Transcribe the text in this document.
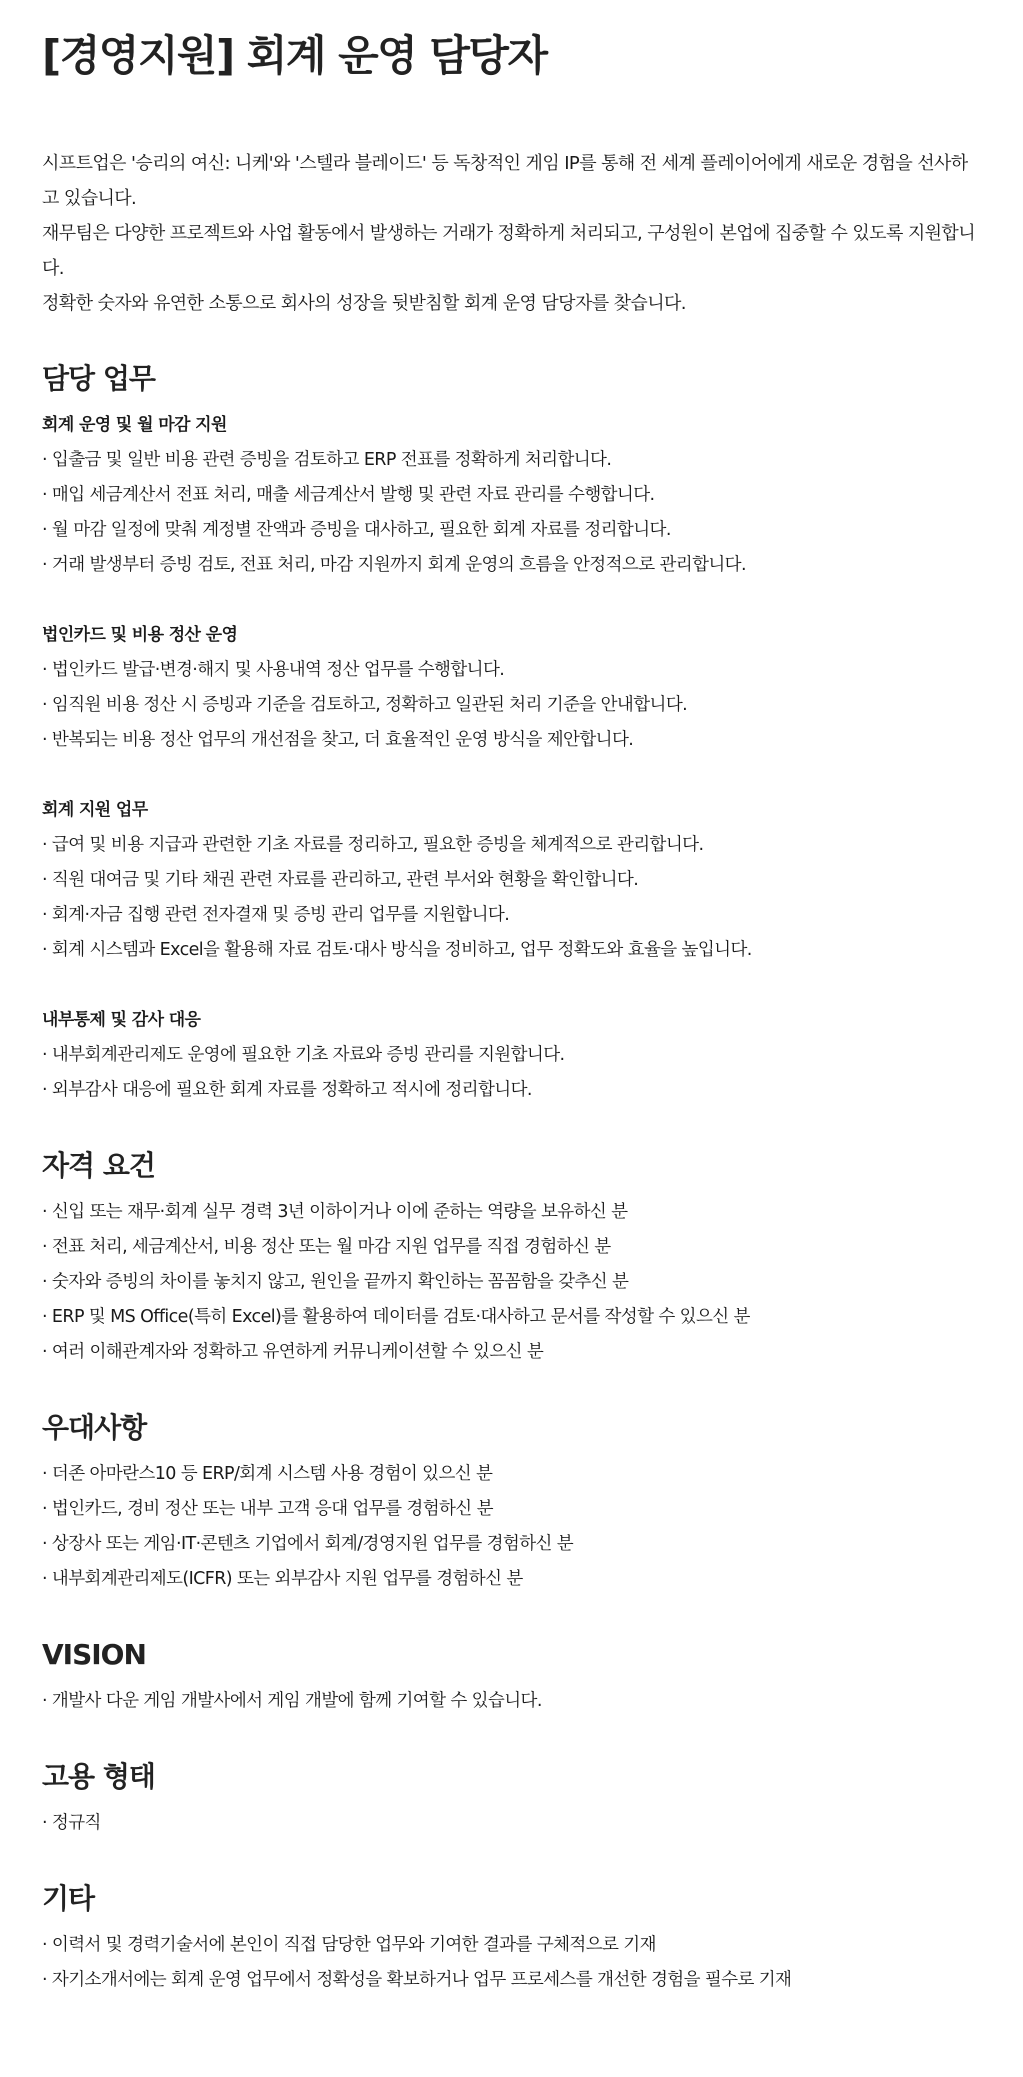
[경영지원] 회계 운영 담당자

시프트업은 '승리의 여신: 니케'와 '스텔라 블레이드' 등 독창적인 게임 IP를 통해 전 세계 플레이어에게 새로운 경험을 선사하고 있습니다.

재무팀은 다양한 프로젝트와 사업 활동에서 발생하는 거래가 정확하게 처리되고, 구성원이 본업에 집중할 수 있도록 지원합니다.

정확한 숫자와 유연한 소통으로 회사의 성장을 뒷받침할 회계 운영 담당자를 찾습니다.

담당 업무
회계 운영 및 월 마감 지원
· 입출금 및 일반 비용 관련 증빙을 검토하고 ERP 전표를 정확하게 처리합니다.
· 매입 세금계산서 전표 처리, 매출 세금계산서 발행 및 관련 자료 관리를 수행합니다.
· 월 마감 일정에 맞춰 계정별 잔액과 증빙을 대사하고, 필요한 회계 자료를 정리합니다.
· 거래 발생부터 증빙 검토, 전표 처리, 마감 지원까지 회계 운영의 흐름을 안정적으로 관리합니다.
법인카드 및 비용 정산 운영
· 법인카드 발급·변경·해지 및 사용내역 정산 업무를 수행합니다.
· 임직원 비용 정산 시 증빙과 기준을 검토하고, 정확하고 일관된 처리 기준을 안내합니다.
· 반복되는 비용 정산 업무의 개선점을 찾고, 더 효율적인 운영 방식을 제안합니다.
회계 지원 업무
· 급여 및 비용 지급과 관련한 기초 자료를 정리하고, 필요한 증빙을 체계적으로 관리합니다.
· 직원 대여금 및 기타 채권 관련 자료를 관리하고, 관련 부서와 현황을 확인합니다.
· 회계·자금 집행 관련 전자결재 및 증빙 관리 업무를 지원합니다.
· 회계 시스템과 Excel을 활용해 자료 검토·대사 방식을 정비하고, 업무 정확도와 효율을 높입니다.
내부통제 및 감사 대응
· 내부회계관리제도 운영에 필요한 기초 자료와 증빙 관리를 지원합니다.
· 외부감사 대응에 필요한 회계 자료를 정확하고 적시에 정리합니다.
자격 요건
· 신입 또는 재무·회계 실무 경력 3년 이하이거나 이에 준하는 역량을 보유하신 분
· 전표 처리, 세금계산서, 비용 정산 또는 월 마감 지원 업무를 직접 경험하신 분
· 숫자와 증빙의 차이를 놓치지 않고, 원인을 끝까지 확인하는 꼼꼼함을 갖추신 분
· ERP 및 MS Office(특히 Excel)를 활용하여 데이터를 검토·대사하고 문서를 작성할 수 있으신 분
· 여러 이해관계자와 정확하고 유연하게 커뮤니케이션할 수 있으신 분
우대사항
· 더존 아마란스10 등 ERP/회계 시스템 사용 경험이 있으신 분
· 법인카드, 경비 정산 또는 내부 고객 응대 업무를 경험하신 분
· 상장사 또는 게임·IT·콘텐츠 기업에서 회계/경영지원 업무를 경험하신 분
· 내부회계관리제도(ICFR) 또는 외부감사 지원 업무를 경험하신 분
VISION
· 개발사 다운 게임 개발사에서 게임 개발에 함께 기여할 수 있습니다.
고용 형태
· 정규직
기타
· 이력서 및 경력기술서에 본인이 직접 담당한 업무와 기여한 결과를 구체적으로 기재
· 자기소개서에는 회계 운영 업무에서 정확성을 확보하거나 업무 프로세스를 개선한 경험을 필수로 기재
